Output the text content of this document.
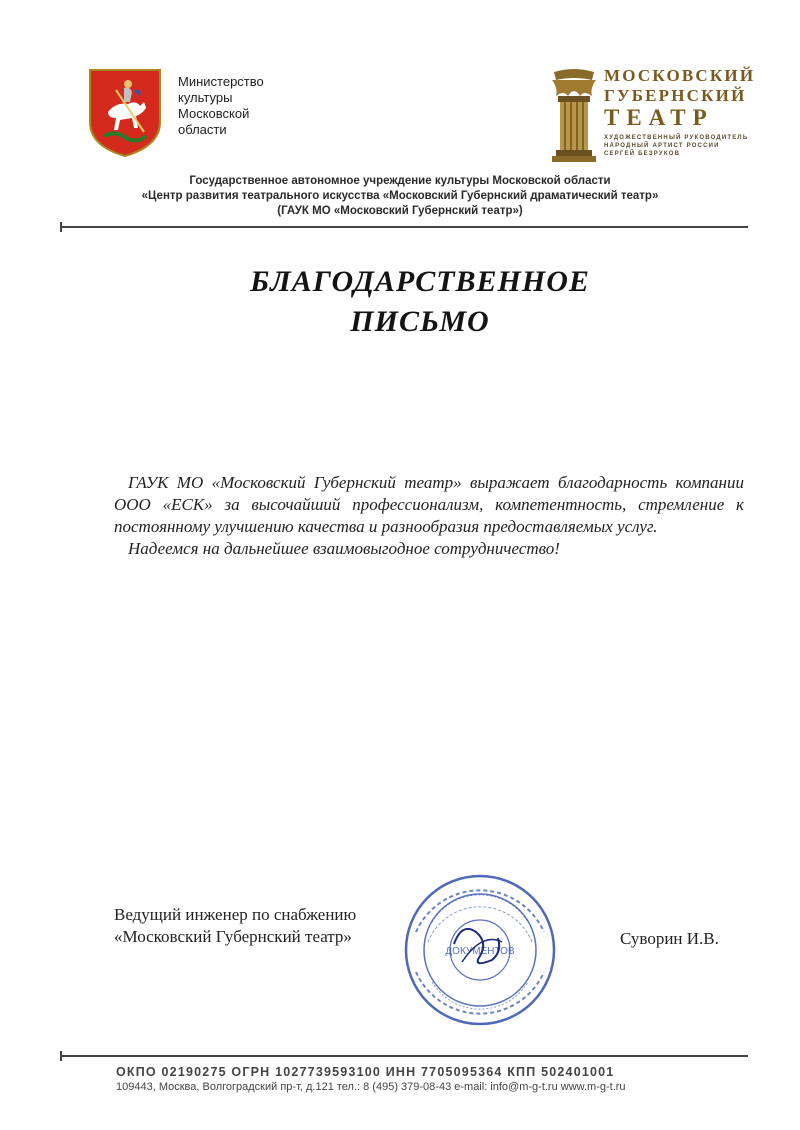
Министерство
культуры
Московской
области
МОСКОВСКИЙ
ГУБЕРНСКИЙ
ТЕАТР
ХУДОЖЕСТВЕННЫЙ РУКОВОДИТЕЛЬ
НАРОДНЫЙ АРТИСТ РОССИИ
СЕРГЕЙ БЕЗРУКОВ
Государственное автономное учреждение культуры Московской области
«Центр развития театрального искусства «Московский Губернский драматический театр»
(ГАУК МО «Московский Губернский театр»)
БЛАГОДАРСТВЕННОЕ
ПИСЬМО

ГАУК МО «Московский Губернский театр» выражает благодарность компании ООО «ЕСК» за высочайший профессионализм, компетентность, стремление к постоянному улучшению качества и разнообразия предоставляемых услуг.

Надеемся на дальнейшее взаимовыгодное сотрудничество!

Ведущий инженер по снабжению
«Московский Губернский театр»
ДОКУМЕНТОВ
Суворин И.В.
ОКПО 02190275 ОГРН 1027739593100 ИНН 7705095364 КПП 502401001
109443, Москва, Волгоградский пр-т, д.121 тел.: 8 (495) 379-08-43 e-mail: info@m-g-t.ru www.m-g-t.ru
